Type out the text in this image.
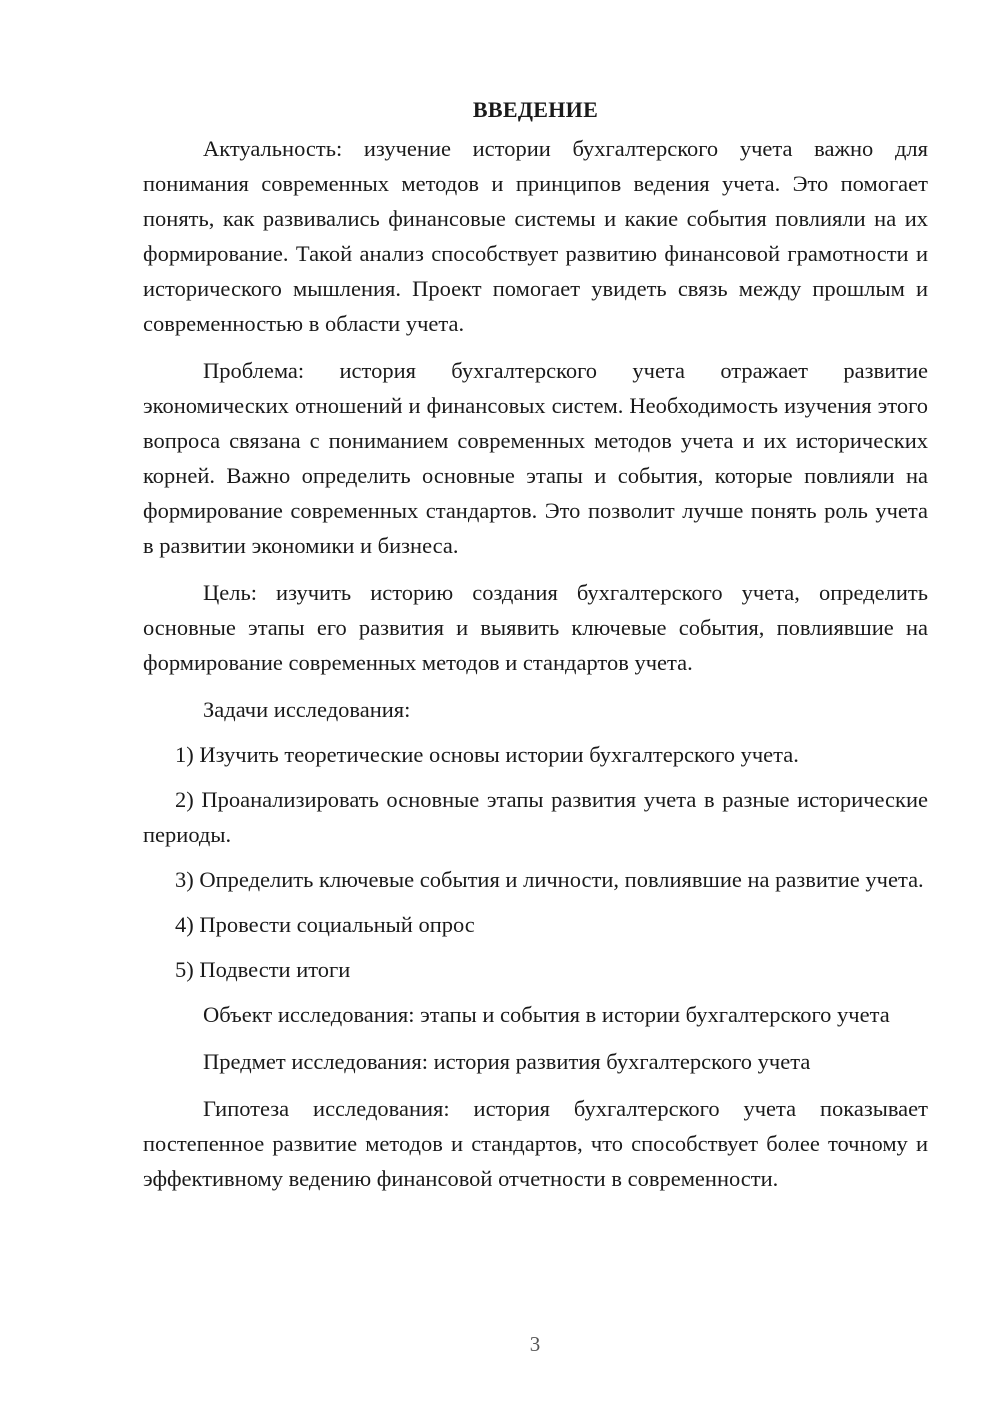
ВВЕДЕНИЕ

Актуальность: изучение истории бухгалтерского учета важно для понимания современных методов и принципов ведения учета. Это помогает понять, как развивались финансовые системы и какие события повлияли на их формирование. Такой анализ способствует развитию финансовой грамотности и исторического мышления. Проект помогает увидеть связь между прошлым и современностью в области учета.

Проблема: история бухгалтерского учета отражает развитие экономических отношений и финансовых систем. Необходимость изучения этого вопроса связана с пониманием современных методов учета и их исторических корней. Важно определить основные этапы и события, которые повлияли на формирование современных стандартов. Это позволит лучше понять роль учета в развитии экономики и бизнеса.

Цель: изучить историю создания бухгалтерского учета, определить основные этапы его развития и выявить ключевые события, повлиявшие на формирование современных методов и стандартов учета.

Задачи исследования:

1) Изучить теоретические основы истории бухгалтерского учета.

2) Проанализировать основные этапы развития учета в разные исторические периоды.

3) Определить ключевые события и личности, повлиявшие на развитие учета.

4) Провести социальный опрос

5) Подвести итоги

Объект исследования: этапы и события в истории бухгалтерского учета

Предмет исследования: история развития бухгалтерского учета

Гипотеза исследования: история бухгалтерского учета показывает постепенное развитие методов и стандартов, что способствует более точному и эффективному ведению финансовой отчетности в современности.

3
